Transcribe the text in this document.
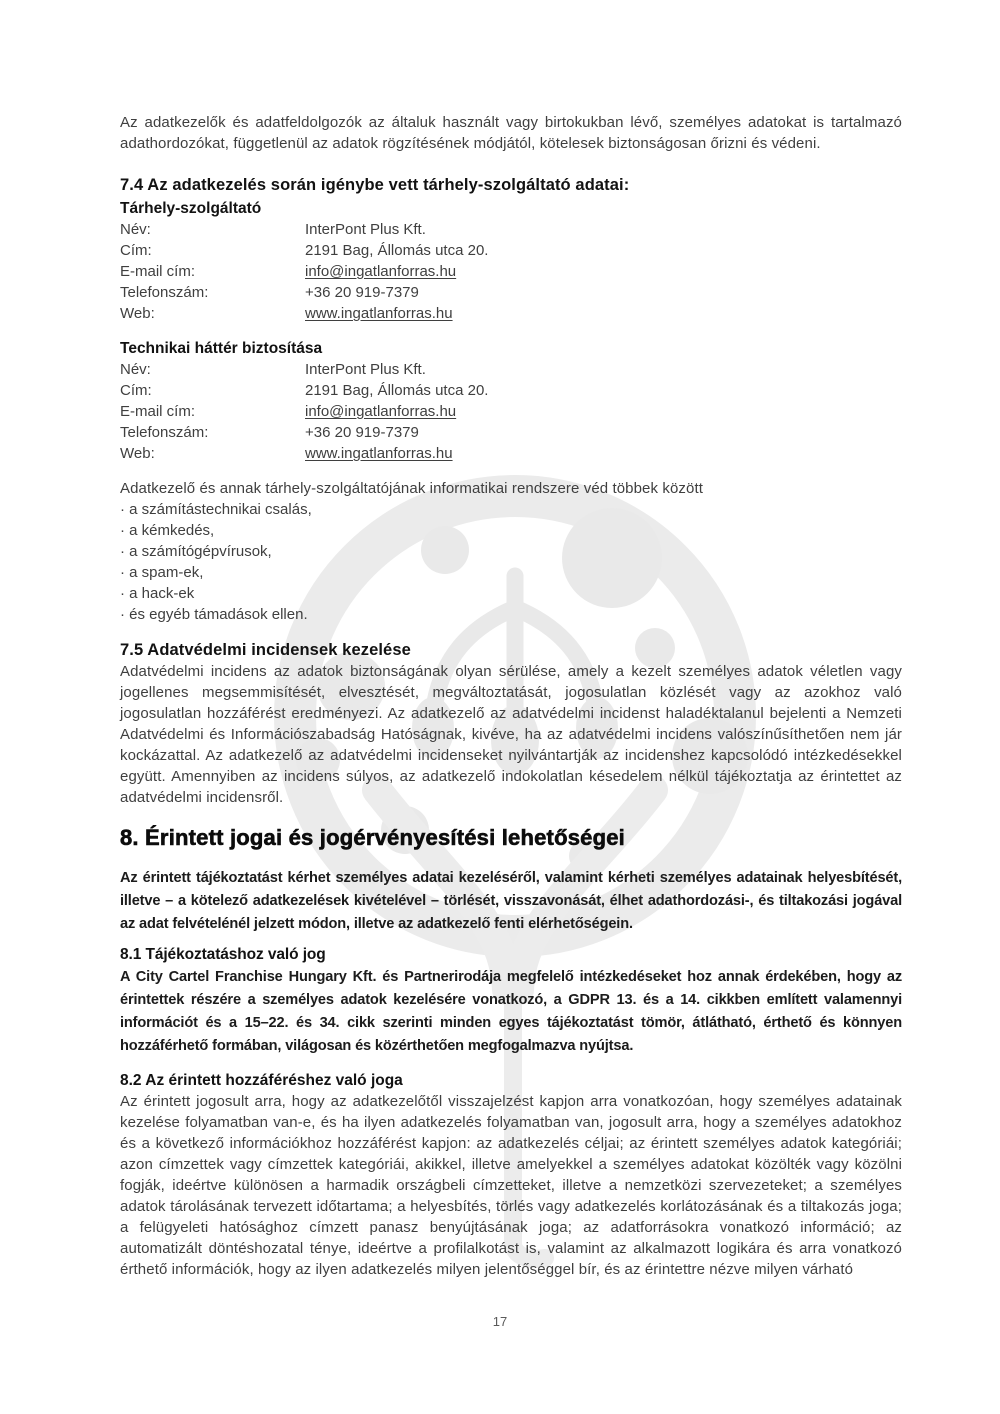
Az adatkezelők és adatfeldolgozók az általuk használt vagy birtokukban lévő, személyes adatokat is tartalmazó adathordozókat, függetlenül az adatok rögzítésének módjától, kötelesek biztonságosan őrizni és védeni.

7.4 Az adatkezelés során igénybe vett tárhely-szolgáltató adatai:
Tárhely-szolgáltató
Név:	InterPont Plus Kft.
Cím:	2191 Bag, Állomás utca 20.
E-mail cím:	info@ingatlanforras.hu
Telefonszám:	+36 20 919-7379
Web:	www.ingatlanforras.hu
Technikai háttér biztosítása
Név:	InterPont Plus Kft.
Cím:	2191 Bag, Állomás utca 20.
E-mail cím:	info@ingatlanforras.hu
Telefonszám:	+36 20 919-7379
Web:	www.ingatlanforras.hu

Adatkezelő és annak tárhely-szolgáltatójának informatikai rendszere véd többek között

· a számítástechnikai csalás,

· a kémkedés,

· a számítógépvírusok,

· a spam-ek,

· a hack-ek

· és egyéb támadások ellen.

7.5 Adatvédelmi incidensek kezelése

Adatvédelmi incidens az adatok biztonságának olyan sérülése, amely a kezelt személyes adatok véletlen vagy jogellenes megsemmisítését, elvesztését, megváltoztatását, jogosulatlan közlését vagy az azokhoz való jogosulatlan hozzáférést eredményezi. Az adatkezelő az adatvédelmi incidenst haladéktalanul bejelenti a Nemzeti Adatvédelmi és Információszabadság Hatóságnak, kivéve, ha az adatvédelmi incidens valószínűsíthetően nem jár kockázattal. Az adatkezelő az adatvédelmi incidenseket nyilvántartják az incidenshez kapcsolódó intézkedésekkel együtt. Amennyiben az incidens súlyos, az adatkezelő indokolatlan késedelem nélkül tájékoztatja az érintettet az adatvédelmi incidensről.

8. Érintett jogai és jogérvényesítési lehetőségei

Az érintett tájékoztatást kérhet személyes adatai kezeléséről, valamint kérheti személyes adatainak helyesbítését, illetve – a kötelező adatkezelések kivételével – törlését, visszavonását, élhet adathordozási-, és tiltakozási jogával az adat felvételénél jelzett módon, illetve az adatkezelő fenti elérhetőségein.

8.1 Tájékoztatáshoz való jog

A City Cartel Franchise Hungary Kft. és Partnerirodája megfelelő intézkedéseket hoz annak érdekében, hogy az érintettek részére a személyes adatok kezelésére vonatkozó, a GDPR 13. és a 14. cikkben említett valamennyi információt és a 15–22. és 34. cikk szerinti minden egyes tájékoztatást tömör, átlátható, érthető és könnyen hozzáférhető formában, világosan és közérthetően megfogalmazva nyújtsa.

8.2 Az érintett hozzáféréshez való joga

Az érintett jogosult arra, hogy az adatkezelőtől visszajelzést kapjon arra vonatkozóan, hogy személyes adatainak kezelése folyamatban van-e, és ha ilyen adatkezelés folyamatban van, jogosult arra, hogy a személyes adatokhoz és a következő információkhoz hozzáférést kapjon: az adatkezelés céljai; az érintett személyes adatok kategóriái; azon címzettek vagy címzettek kategóriái, akikkel, illetve amelyekkel a személyes adatokat közölték vagy közölni fogják, ideértve különösen a harmadik országbeli címzetteket, illetve a nemzetközi szervezeteket; a személyes adatok tárolásának tervezett időtartama; a helyesbítés, törlés vagy adatkezelés korlátozásának és a tiltakozás joga; a felügyeleti hatósághoz címzett panasz benyújtásának joga; az adatforrásokra vonatkozó információ; az automatizált döntéshozatal ténye, ideértve a profilalkotást is, valamint az alkalmazott logikára és arra vonatkozó érthető információk, hogy az ilyen adatkezelés milyen jelentőséggel bír, és az érintettre nézve milyen várható

17
